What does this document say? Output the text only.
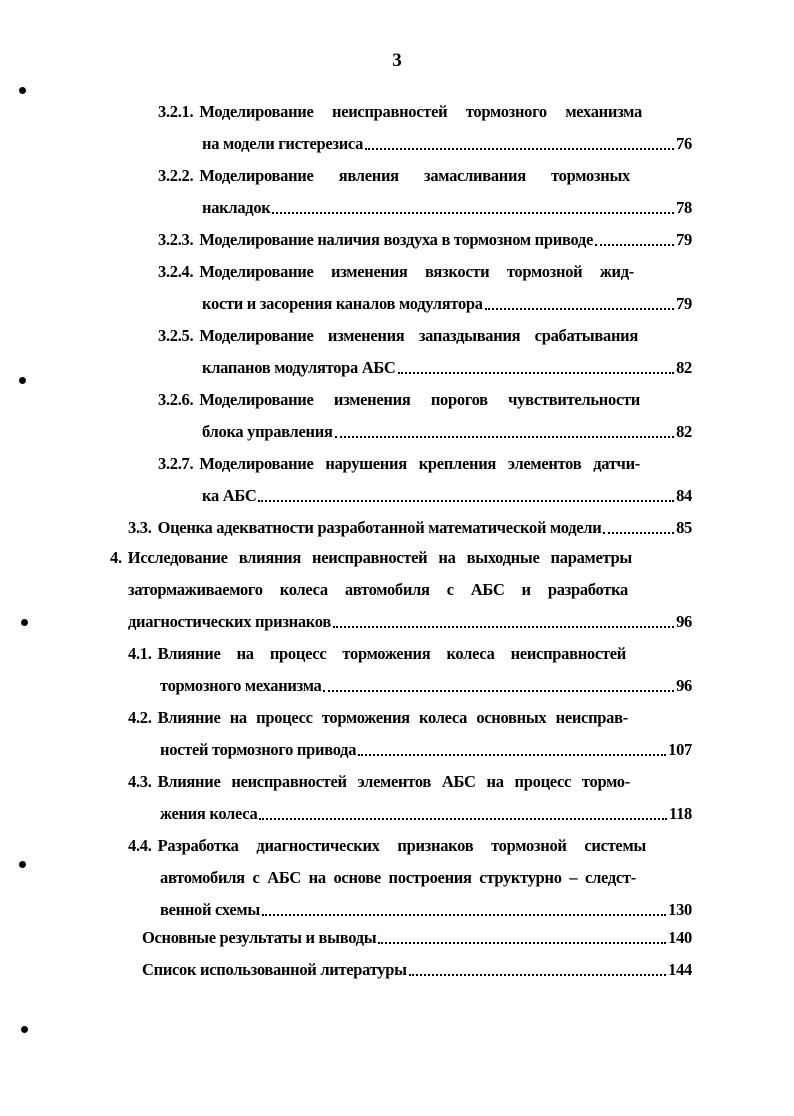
3
3.2.1. Моделирование неисправностей тормозного механизма
на модели гистерезиса	76
3.2.2. Моделирование явления замасливания тормозных
накладок	78
3.2.3. Моделирование наличия воздуха в тормозном приводе	79
3.2.4. Моделирование изменения вязкости тормозной жид-
кости и засорения каналов модулятора	79
3.2.5. Моделирование изменения запаздывания срабатывания
клапанов модулятора АБС	82
3.2.6. Моделирование изменения порогов чувствительности
блока управления	82
3.2.7. Моделирование нарушения крепления элементов датчи-
ка АБС	84
3.3. Оценка адекватности разработанной математической модели	85
4. Исследование влияния неисправностей на выходные параметры
затормаживаемого колеса автомобиля с АБС и разработка
диагностических признаков	96
4.1. Влияние на процесс торможения колеса неисправностей
тормозного механизма	96
4.2. Влияние на процесс торможения колеса основных неисправ-
ностей тормозного привода	107
4.3. Влияние неисправностей элементов АБС на процесс тормо-
жения колеса	118
4.4. Разработка диагностических признаков тормозной системы
автомобиля с АБС на основе построения структурно – следст-
венной схемы	130
Основные результаты и выводы	140
Список использованной литературы	144
